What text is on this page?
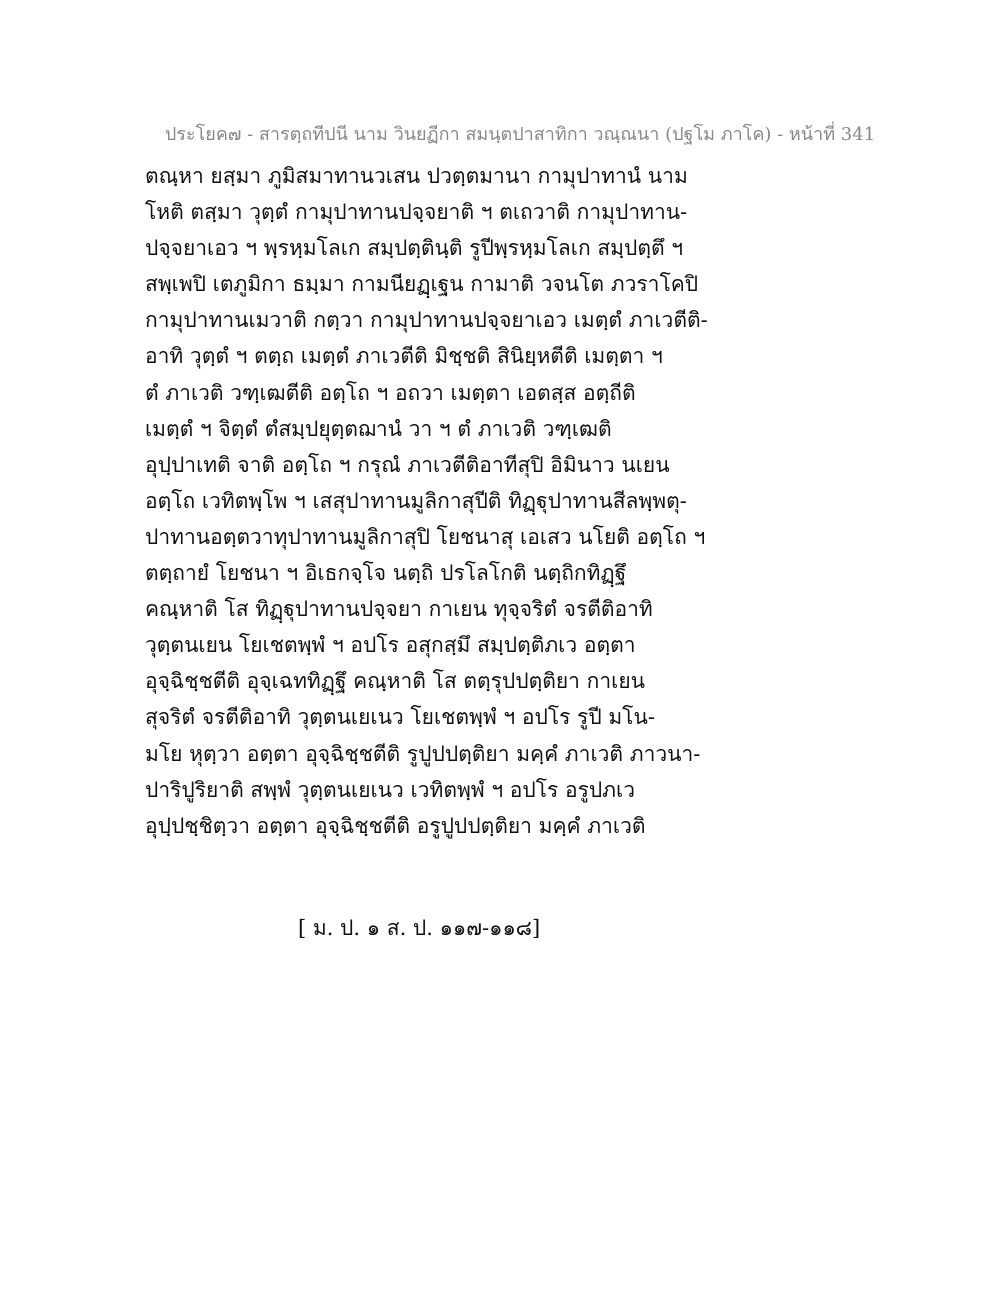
ประโยค๗ - สารตฺถทีปนี นาม วินยฏีกา สมนฺตปาสาทิกา วณฺณนา (ปฐโม ภาโค) - หน้าที่ 341
ตณฺหา ยสฺมา ภูมิสมาทานวเสน ปวตฺตมานา กามุปาทานํ นาม
โหติ ตสฺมา วุตฺตํ กามุปาทานปจฺจยาติ ฯ ตเถวาติ กามุปาทาน-
ปจฺจยาเอว ฯ พฺรหฺมโลเก สมฺปตฺตินฺติ รูปีพฺรหฺมโลเก สมฺปตฺตึ ฯ
สพฺเพปิ เตภูมิกา ธมฺมา กามนียฏฺเฐน กามาติ วจนโต ภวราโคปิ
กามุปาทานเมวาติ กตฺวา กามุปาทานปจฺจยาเอว เมตฺตํ ภาเวตีติ-
อาทิ วุตฺตํ ฯ ตตฺถ เมตฺตํ ภาเวตีติ มิชฺชติ สินิยฺหตีติ เมตฺตา ฯ
ตํ ภาเวติ วฑฺเฒตีติ อตฺโถ ฯ อถวา เมตฺตา เอตสฺส อตฺถีติ
เมตฺตํ ฯ จิตฺตํ ตํสมฺปยุตฺตฌานํ วา ฯ ตํ ภาเวติ วฑฺเฒติ
อุปฺปาเทติ จาติ อตฺโถ ฯ กรุณํ ภาเวตีติอาทีสุปิ อิมินาว นเยน
อตฺโถ เวทิตพฺโพ ฯ เสสุปาทานมูลิกาสุปีติ ทิฏฺฐุปาทานสีลพฺพตุ-
ปาทานอตฺตวาทุปาทานมูลิกาสุปิ โยชนาสุ เอเสว นโยติ อตฺโถ ฯ
ตตฺถายํ โยชนา ฯ อิเธกจฺโจ นตฺถิ ปรโลโกติ นตฺถิกทิฏฺฐึ
คณฺหาติ โส ทิฏฺฐุปาทานปจฺจยา กาเยน ทุจฺจริตํ จรตีติอาทิ
วุตฺตนเยน โยเชตพฺพํ ฯ อปโร อสุกสฺมึ สมฺปตฺติภเว อตฺตา
อุจฺฉิชฺชตีติ อุจฺเฉททิฏฺฐึ คณฺหาติ โส ตตฺรุปปตฺติยา กาเยน
สุจริตํ จรตีติอาทิ วุตฺตนเยเนว โยเชตพฺพํ ฯ อปโร รูปี มโน-
มโย หุตฺวา อตฺตา อุจฺฉิชฺชตีติ รูปูปปตฺติยา มคฺคํ ภาเวติ ภาวนา-
ปาริปูริยาติ สพฺพํ วุตฺตนเยเนว เวทิตพฺพํ ฯ อปโร อรูปภเว
อุปฺปชฺชิตฺวา อตฺตา อุจฺฉิชฺชตีติ อรูปูปปตฺติยา มคฺคํ ภาเวติ
[ ม. ป. ๑ ส. ป. ๑๑๗-๑๑๘]
